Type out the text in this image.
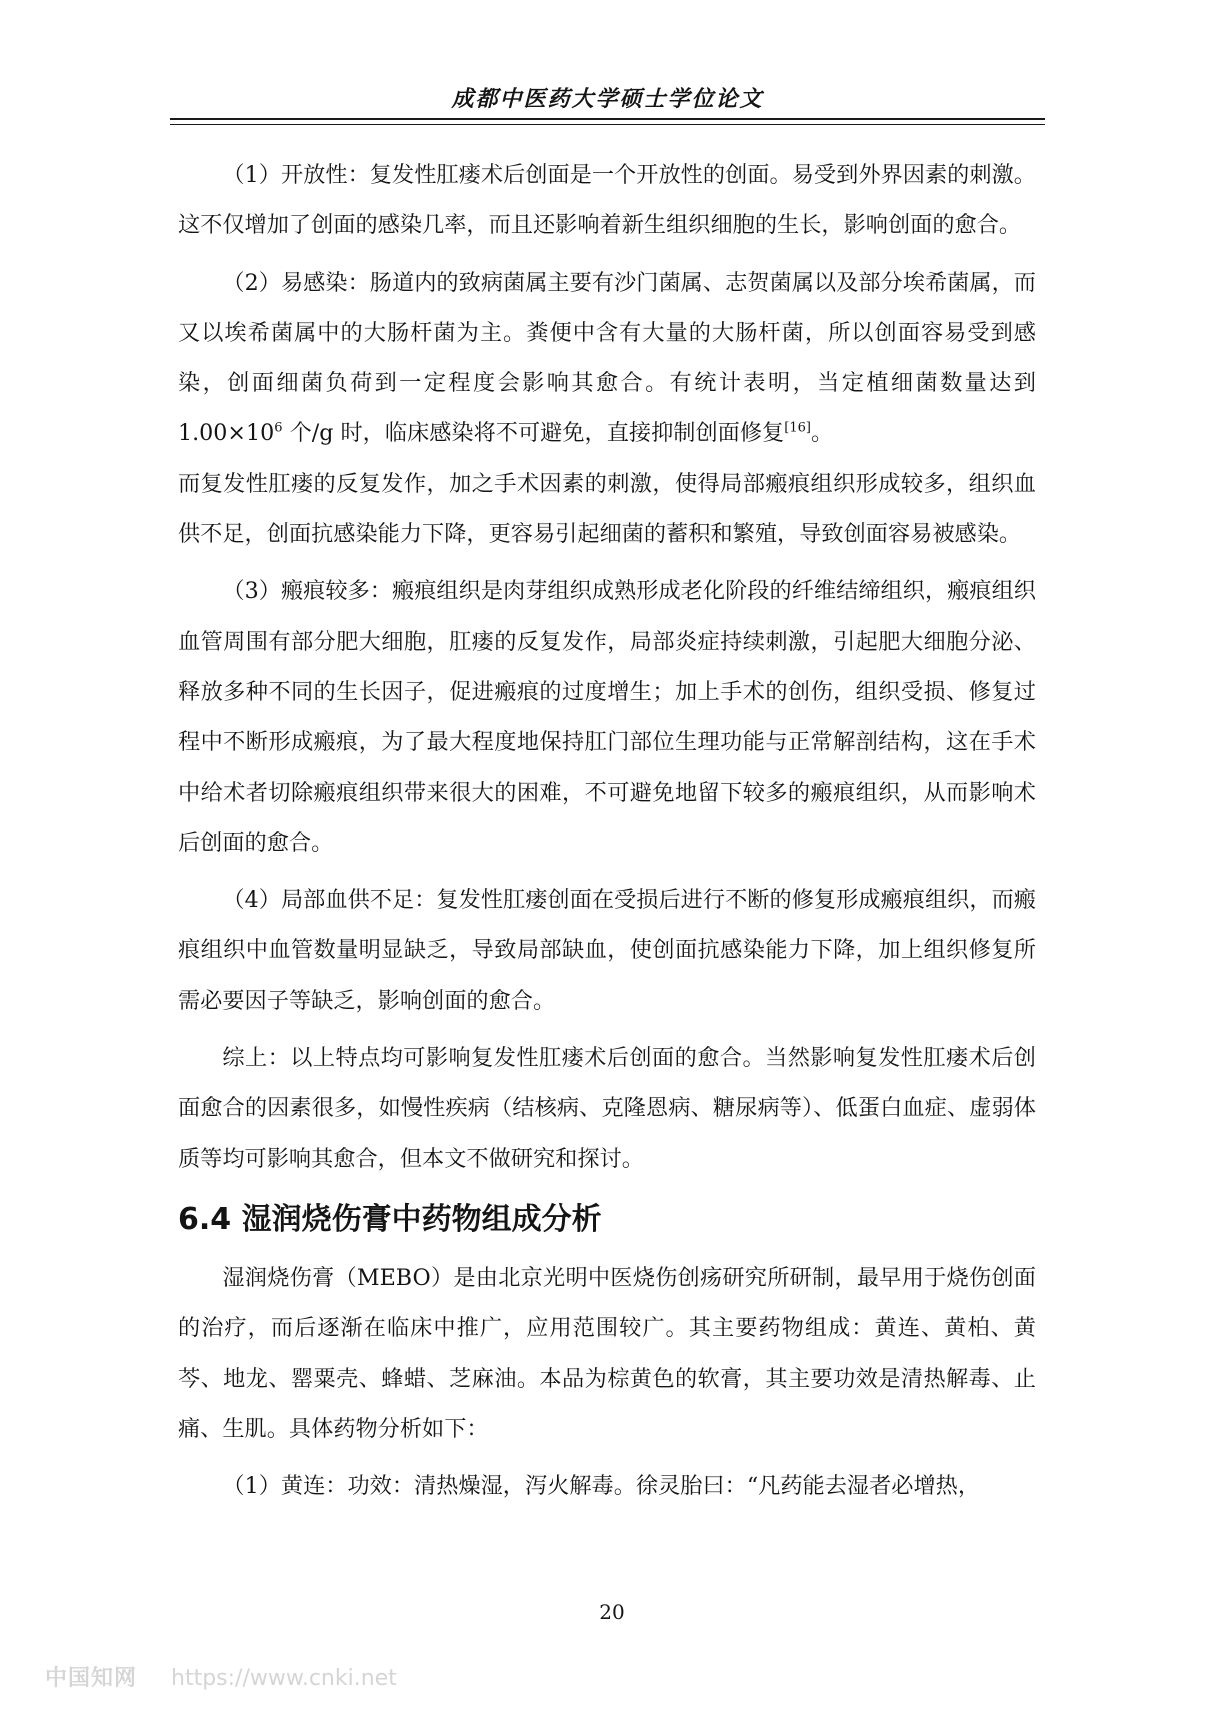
成都中医药大学硕士学位论文

（1）开放性：复发性肛瘘术后创面是一个开放性的创面。易受到外界因素的刺激。这不仅增加了创面的感染几率，而且还影响着新生组织细胞的生长，影响创面的愈合。

（2）易感染：肠道内的致病菌属主要有沙门菌属、志贺菌属以及部分埃希菌属，而又以埃希菌属中的大肠杆菌为主。粪便中含有大量的大肠杆菌，所以创面容易受到感染，创面细菌负荷到一定程度会影响其愈合。有统计表明，当定植细菌数量达到 $1.00\times 10^6$ 个/g 时，临床感染将不可避免，直接抑制创面修复[16]。

而复发性肛瘘的反复发作，加之手术因素的刺激，使得局部瘢痕组织形成较多，组织血供不足，创面抗感染能力下降，更容易引起细菌的蓄积和繁殖，导致创面容易被感染。

（3）瘢痕较多：瘢痕组织是肉芽组织成熟形成老化阶段的纤维结缔组织，瘢痕组织血管周围有部分肥大细胞，肛瘘的反复发作，局部炎症持续刺激，引起肥大细胞分泌、释放多种不同的生长因子，促进瘢痕的过度增生；加上手术的创伤，组织受损、修复过程中不断形成瘢痕，为了最大程度地保持肛门部位生理功能与正常解剖结构，这在手术中给术者切除瘢痕组织带来很大的困难，不可避免地留下较多的瘢痕组织，从而影响术后创面的愈合。

（4）局部血供不足：复发性肛瘘创面在受损后进行不断的修复形成瘢痕组织，而瘢痕组织中血管数量明显缺乏，导致局部缺血，使创面抗感染能力下降，加上组织修复所需必要因子等缺乏，影响创面的愈合。

综上：以上特点均可影响复发性肛瘘术后创面的愈合。当然影响复发性肛瘘术后创面愈合的因素很多，如慢性疾病（结核病、克隆恩病、糖尿病等）、低蛋白血症、虚弱体质等均可影响其愈合，但本文不做研究和探讨。

6.4 湿润烧伤膏中药物组成分析

湿润烧伤膏（MEBO）是由北京光明中医烧伤创疡研究所研制，最早用于烧伤创面的治疗，而后逐渐在临床中推广，应用范围较广。其主要药物组成：黄连、黄柏、黄芩、地龙、罂粟壳、蜂蜡、芝麻油。本品为棕黄色的软膏，其主要功效是清热解毒、止痛、生肌。具体药物分析如下：

（1）黄连：功效：清热燥湿，泻火解毒。徐灵胎曰：“凡药能去湿者必增热，

20
中国知网 https://www.cnki.net
